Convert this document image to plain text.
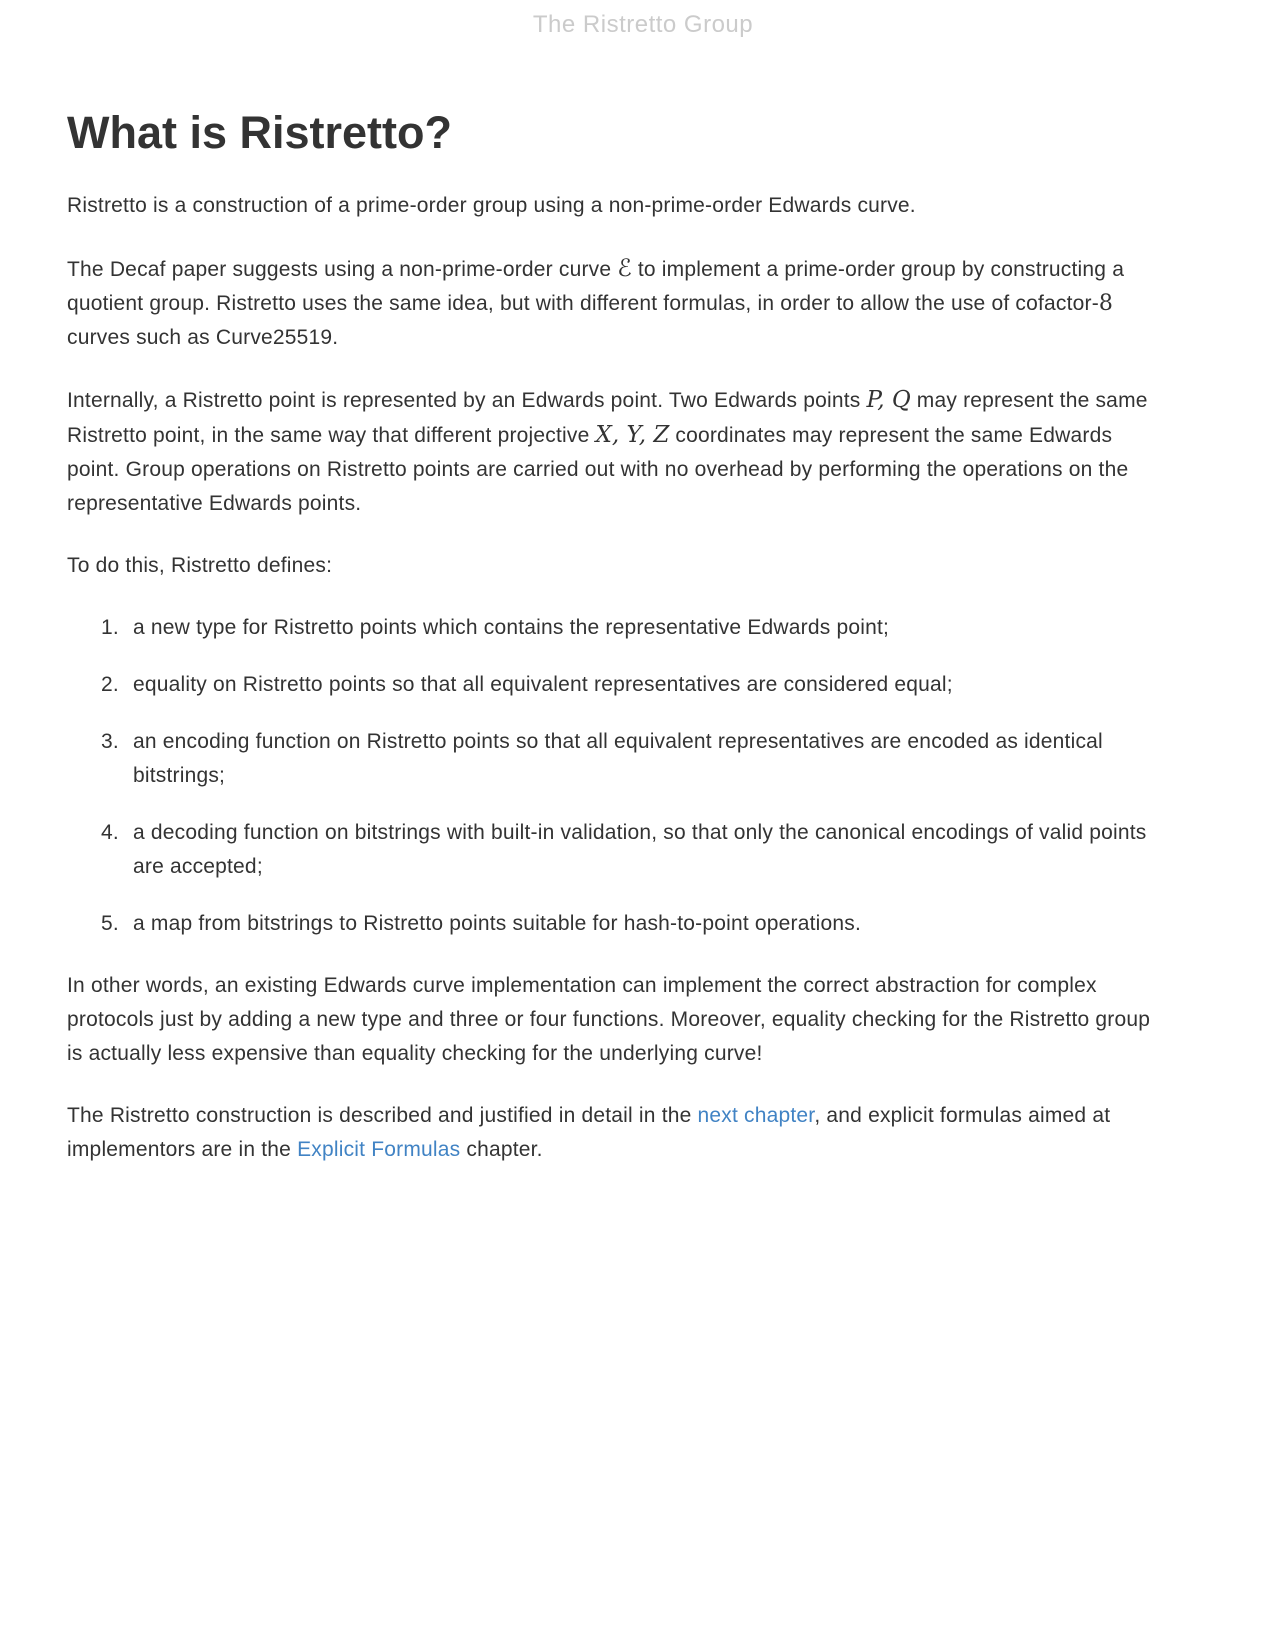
The Ristretto Group
What is Ristretto?

Ristretto is a construction of a prime-order group using a non-prime-order Edwards curve.

The Decaf paper suggests using a non-prime-order curve ℰ to implement a prime-order group by constructing a quotient group. Ristretto uses the same idea, but with different formulas, in order to allow the use of cofactor-8 curves such as Curve25519.

Internally, a Ristretto point is represented by an Edwards point. Two Edwards points P, Q may represent the same Ristretto point, in the same way that different projective X, Y, Z coordinates may represent the same Edwards point. Group operations on Ristretto points are carried out with no overhead by performing the operations on the representative Edwards points.

To do this, Ristretto defines:

1. a new type for Ristretto points which contains the representative Edwards point;
2. equality on Ristretto points so that all equivalent representatives are considered equal;
3. an encoding function on Ristretto points so that all equivalent representatives are encoded as identical bitstrings;
4. a decoding function on bitstrings with built-in validation, so that only the canonical encodings of valid points are accepted;
5. a map from bitstrings to Ristretto points suitable for hash-to-point operations.

In other words, an existing Edwards curve implementation can implement the correct abstraction for complex protocols just by adding a new type and three or four functions. Moreover, equality checking for the Ristretto group is actually less expensive than equality checking for the underlying curve!

The Ristretto construction is described and justified in detail in the next chapter, and explicit formulas aimed at implementors are in the Explicit Formulas chapter.
